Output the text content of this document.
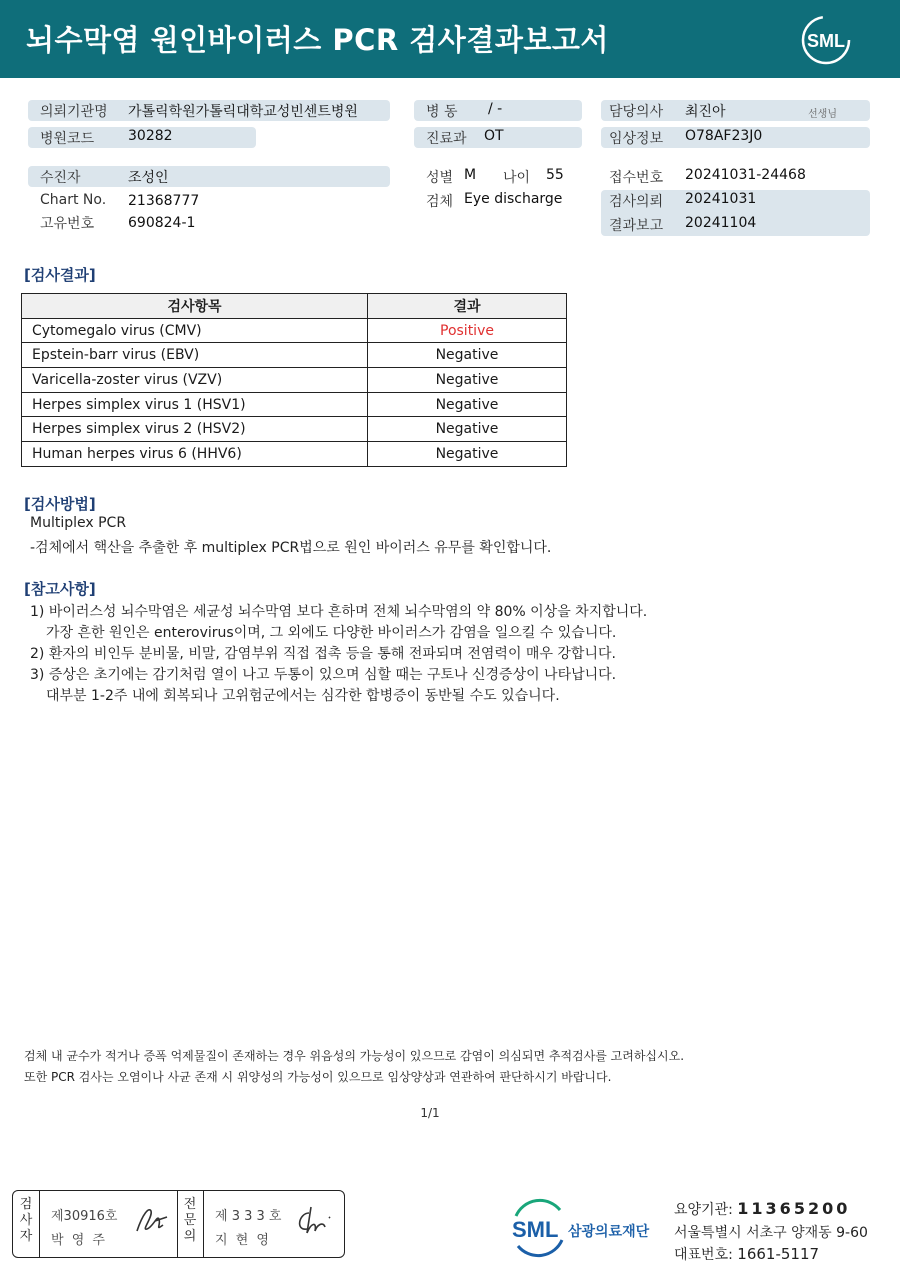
뇌수막염 원인바이러스 PCR 검사결과보고서	SML
의뢰기관명 가톨릭학원가톨릭대학교성빈센트병원
병원코드 30282
병 동 / -
진료과 OT
담당의사 최진아	선생님
임상정보 O78AF23J0
수진자	조성인
Chart No. 21368777
고유번호 690824-1
성별 M 나이 55
검체 Eye discharge
접수번호 20241031-24468
검사의뢰 20241031
결과보고 20241104
[검사결과]
검사항목	결과
Cytomegalo virus (CMV)	Positive
Epstein-barr virus (EBV)	Negative
Varicella-zoster virus (VZV)	Negative
Herpes simplex virus 1 (HSV1)	Negative
Herpes simplex virus 2 (HSV2)	Negative
Human herpes virus 6 (HHV6)	Negative
[검사방법]
Multiplex PCR
-검체에서 핵산을 추출한 후 multiplex PCR법으로 원인 바이러스 유무를 확인합니다.
[참고사항]
1) 바이러스성 뇌수막염은 세균성 뇌수막염 보다 흔하며 전체 뇌수막염의 약 80% 이상을 차지합니다.
가장 흔한 원인은 enterovirus이며, 그 외에도 다양한 바이러스가 감염을 일으킬 수 있습니다.
2) 환자의 비인두 분비물, 비말, 감염부위 직접 접촉 등을 통해 전파되며 전염력이 매우 강합니다.
3) 증상은 초기에는 감기처럼 열이 나고 두통이 있으며 심할 때는 구토나 신경증상이 나타납니다.
대부분 1-2주 내에 회복되나 고위험군에서는 심각한 합병증이 동반될 수도 있습니다.
검체 내 균수가 적거나 증폭 억제물질이 존재하는 경우 위음성의 가능성이 있으므로 감염이 의심되면 추적검사를 고려하십시오.
또한 PCR 검사는 오염이나 사균 존재 시 위양성의 가능성이 있으므로 임상양상과 연관하여 판단하시기 바랍니다.
1/1
검사자
제30916호
박 영 주
전문의
제 3 3 3 호
지 현 영	SML 삼광의료재단
요양기관: 11365200
서울특별시 서초구 양재동 9-60
대표번호: 1661-5117
